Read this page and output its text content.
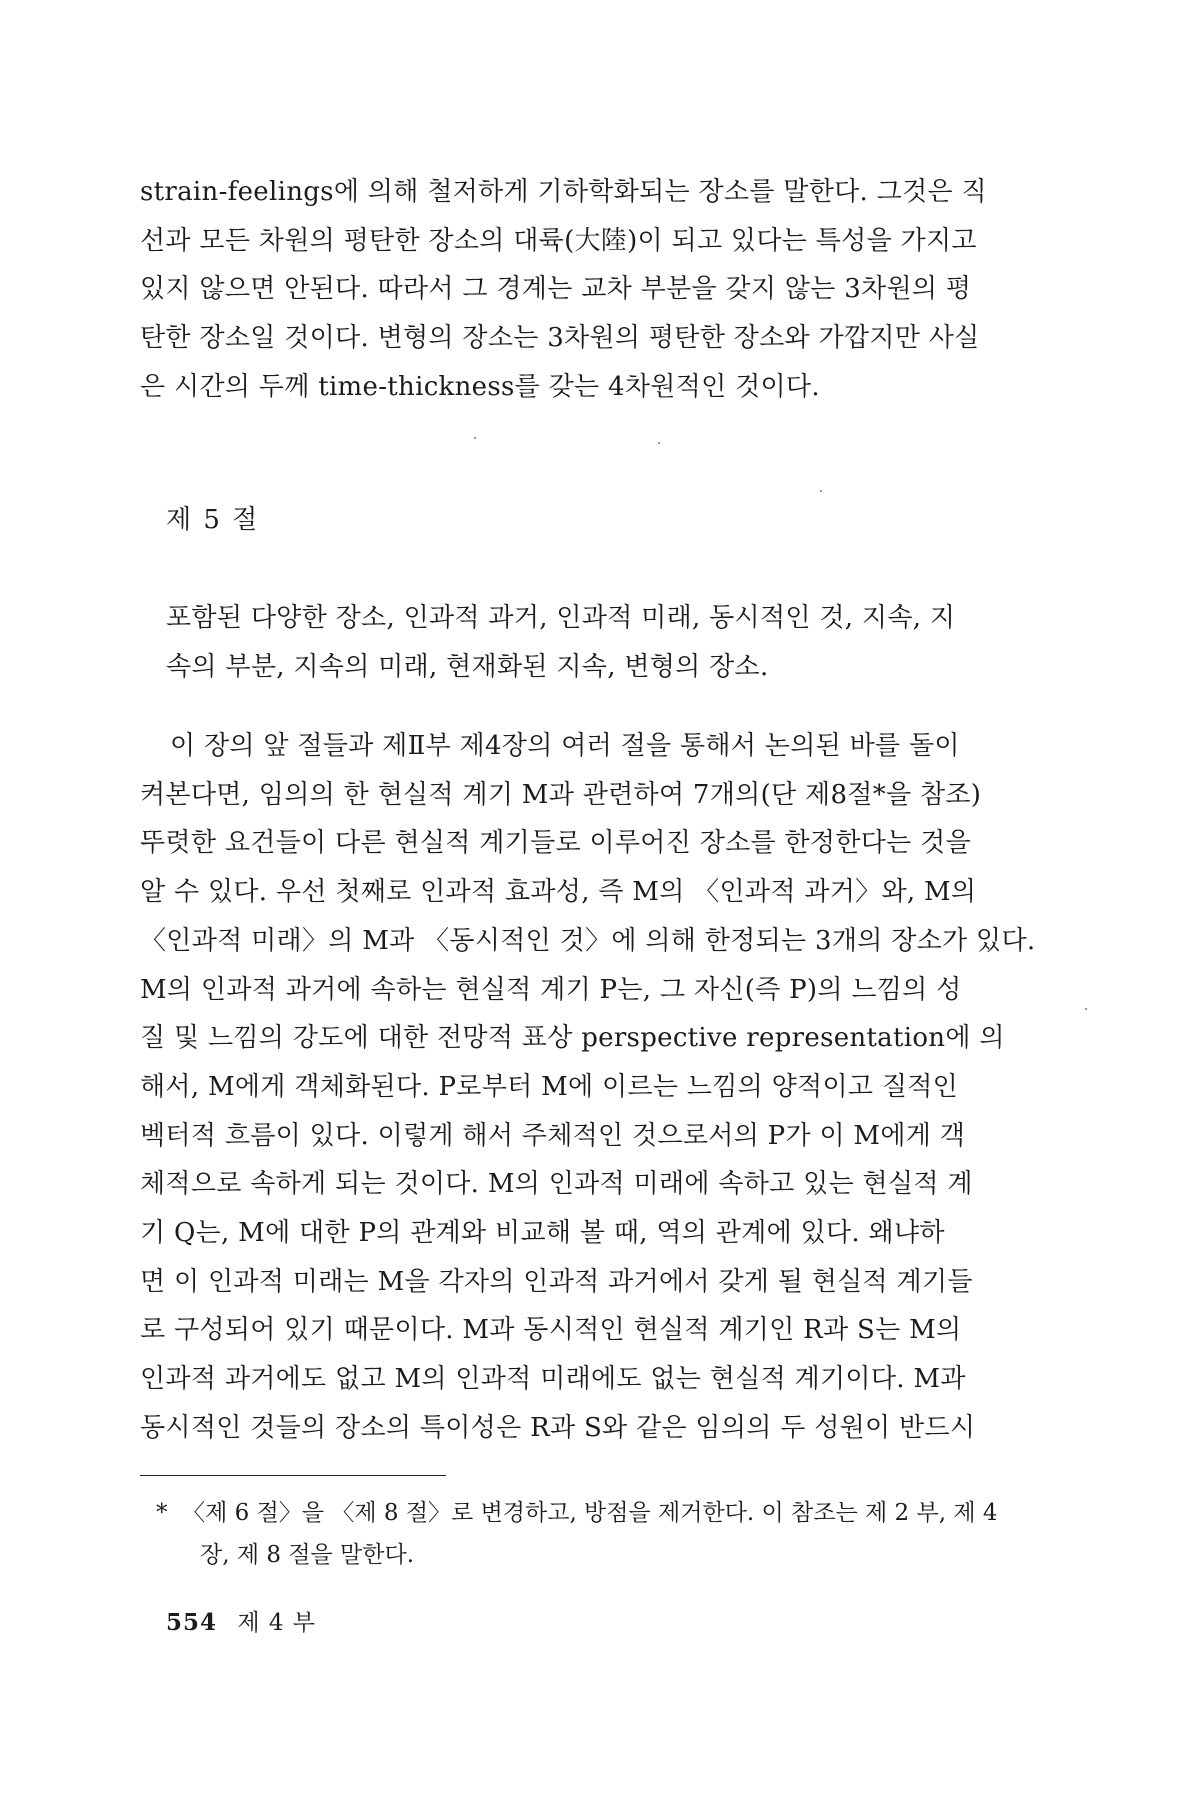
strain-feelings에 의해 철저하게 기하학화되는 장소를 말한다. 그것은 직
선과 모든 차원의 평탄한 장소의 대륙(大陸)이 되고 있다는 특성을 가지고
있지 않으면 안된다. 따라서 그 경계는 교차 부분을 갖지 않는 3차원의 평
탄한 장소일 것이다. 변형의 장소는 3차원의 평탄한 장소와 가깝지만 사실
은 시간의 두께 time-thickness를 갖는 4차원적인 것이다.
제 5 절
포함된 다양한 장소, 인과적 과거, 인과적 미래, 동시적인 것, 지속, 지
속의 부분, 지속의 미래, 현재화된 지속, 변형의 장소.
이 장의 앞 절들과 제Ⅱ부 제4장의 여러 절을 통해서 논의된 바를 돌이
켜본다면, 임의의 한 현실적 계기 M과 관련하여 7개의(단 제8절*을 참조)
뚜렷한 요건들이 다른 현실적 계기들로 이루어진 장소를 한정한다는 것을
알 수 있다. 우선 첫째로 인과적 효과성, 즉 M의 〈인과적 과거〉와, M의
〈인과적 미래〉의 M과 〈동시적인 것〉에 의해 한정되는 3개의 장소가 있다.
M의 인과적 과거에 속하는 현실적 계기 P는, 그 자신(즉 P)의 느낌의 성
질 및 느낌의 강도에 대한 전망적 표상 perspective representation에 의
해서, M에게 객체화된다. P로부터 M에 이르는 느낌의 양적이고 질적인
벡터적 흐름이 있다. 이렇게 해서 주체적인 것으로서의 P가 이 M에게 객
체적으로 속하게 되는 것이다. M의 인과적 미래에 속하고 있는 현실적 계
기 Q는, M에 대한 P의 관계와 비교해 볼 때, 역의 관계에 있다. 왜냐하
면 이 인과적 미래는 M을 각자의 인과적 과거에서 갖게 될 현실적 계기들
로 구성되어 있기 때문이다. M과 동시적인 현실적 계기인 R과 S는 M의
인과적 과거에도 없고 M의 인과적 미래에도 없는 현실적 계기이다. M과
동시적인 것들의 장소의 특이성은 R과 S와 같은 임의의 두 성원이 반드시
* 〈제 6 절〉을 〈제 8 절〉로 변경하고, 방점을 제거한다. 이 참조는 제 2 부, 제 4
장, 제 8 절을 말한다.
554 제 4 부
